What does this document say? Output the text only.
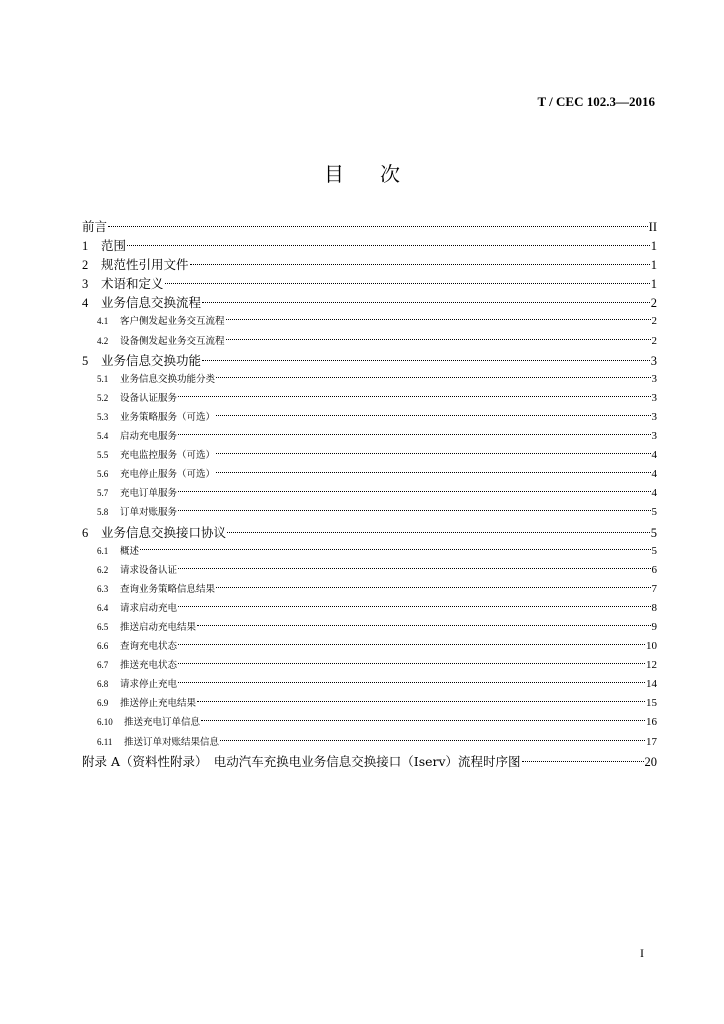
T / CEC 102.3—2016
目 次
前言	II
1	范围	1
2	规范性引用文件	1
3	术语和定义	1
4	业务信息交换流程	2
4.1	客户侧发起业务交互流程	2
4.2	设备侧发起业务交互流程	2
5	业务信息交换功能	3
5.1	业务信息交换功能分类	3
5.2	设备认证服务	3
5.3	业务策略服务（可选）	3
5.4	启动充电服务	3
5.5	充电监控服务（可选）	4
5.6	充电停止服务（可选）	4
5.7	充电订单服务	4
5.8	订单对账服务	5
6	业务信息交换接口协议	5
6.1	概述	5
6.2	请求设备认证	6
6.3	查询业务策略信息结果	7
6.4	请求启动充电	8
6.5	推送启动充电结果	9
6.6	查询充电状态	10
6.7	推送充电状态	12
6.8	请求停止充电	14
6.9	推送停止充电结果	15
6.10	推送充电订单信息	16
6.11	推送订单对账结果信息	17
附录 A（资料性附录）　电动汽车充换电业务信息交换接口（Iserv）流程时序图	20
I
